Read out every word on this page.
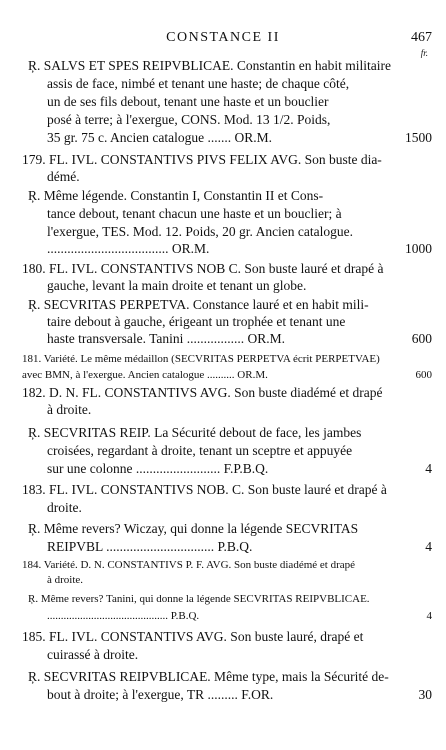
CONSTANCE II	467
fr.
Ŗ. SALVS ET SPES REIPVBLICAE. Constantin en habit militaire
assis de face, nimbé et tenant une haste; de chaque côté,
un de ses fils debout, tenant une haste et un bouclier
posé à terre; à l'exergue, CONS. Mod. 13 1/2. Poids,
35 gr. 75 c. Ancien catalogue ....... OR.M.	1500
179. FL. IVL. CONSTANTIVS PIVS FELIX AVG. Son buste dia-
démé.
Ŗ. Même légende. Constantin I, Constantin II et Cons-
tance debout, tenant chacun une haste et un bouclier; à
l'exergue, TES. Mod. 12. Poids, 20 gr. Ancien catalogue.
.................................... OR.M.	1000
180. FL. IVL. CONSTANTIVS NOB C. Son buste lauré et drapé à
gauche, levant la main droite et tenant un globe.
Ŗ. SECVRITAS PERPETVA. Constance lauré et en habit mili-
taire debout à gauche, érigeant un trophée et tenant une
haste transversale. Tanini ................. OR.M.	600
181. Variété. Le même médaillon (SECVRITAS PERPETVA écrit PERPETVAE)
avec BMN, à l'exergue. Ancien catalogue .......... OR.M.	600
182. D. N. FL. CONSTANTIVS AVG. Son buste diadémé et drapé
à droite.
Ŗ. SECVRITAS REIP. La Sécurité debout de face, les jambes
croisées, regardant à droite, tenant un sceptre et appuyée
sur une colonne ......................... F.P.B.Q.	4
183. FL. IVL. CONSTANTIVS NOB. C. Son buste lauré et drapé à
droite.
Ŗ. Même revers? Wiczay, qui donne la légende SECVRITAS
REIPVBL ................................ P.B.Q.	4
184. Variété. D. N. CONSTANTIVS P. F. AVG. Son buste diadémé et drapé
à droite.
Ŗ. Même revers? Tanini, qui donne la légende SECVRITAS REIPVBLICAE.
............................................ P.B.Q.	4
185. FL. IVL. CONSTANTIVS AVG. Son buste lauré, drapé et
cuirassé à droite.
Ŗ. SECVRITAS REIPVBLICAE. Même type, mais la Sécurité de-
bout à droite; à l'exergue, TR ......... F.OR.	30
